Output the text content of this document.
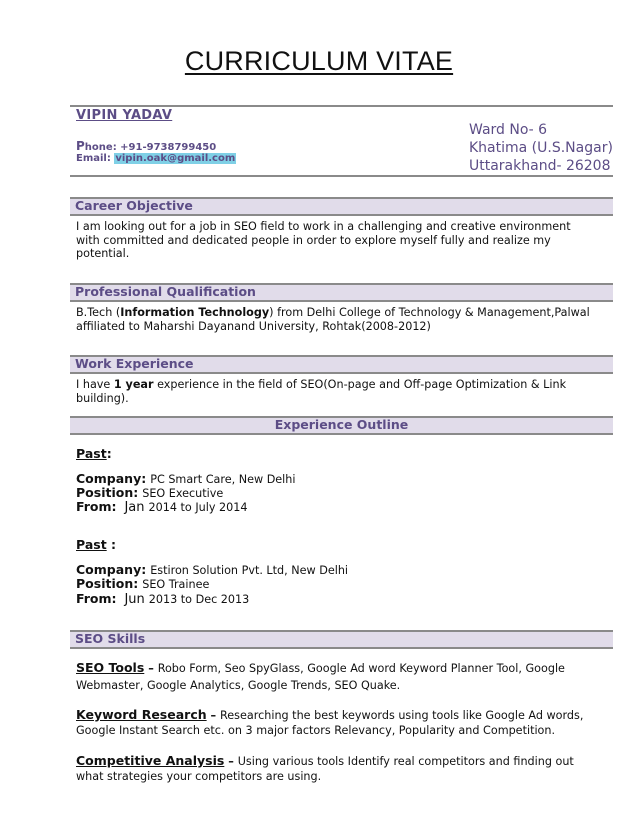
CURRICULUM VITAE
VIPIN YADAV
Phone: +91-9738799450
Email: vipin.oak@gmail.com
Ward No- 6
Khatima (U.S.Nagar)
Uttarakhand- 26208
Career Objective
I am looking out for a job in SEO field to work in a challenging and creative environment
with committed and dedicated people in order to explore myself fully and realize my
potential.
Professional Qualification
B.Tech (Information Technology) from Delhi College of Technology & Management,Palwal
affiliated to Maharshi Dayanand University, Rohtak(2008-2012)
Work Experience
I have 1 year experience in the field of SEO(On-page and Off-page Optimization & Link
building).
Experience Outline
Past:
Company: PC Smart Care, New Delhi
Position: SEO Executive
From: Jan 2014 to July 2014
Past :
Company: Estiron Solution Pvt. Ltd, New Delhi
Position: SEO Trainee
From: Jun 2013 to Dec 2013
SEO Skills
SEO Tools – Robo Form, Seo SpyGlass, Google Ad word Keyword Planner Tool, Google
Webmaster, Google Analytics, Google Trends, SEO Quake.
Keyword Research – Researching the best keywords using tools like Google Ad words,
Google Instant Search etc. on 3 major factors Relevancy, Popularity and Competition.
Competitive Analysis – Using various tools Identify real competitors and finding out
what strategies your competitors are using.
